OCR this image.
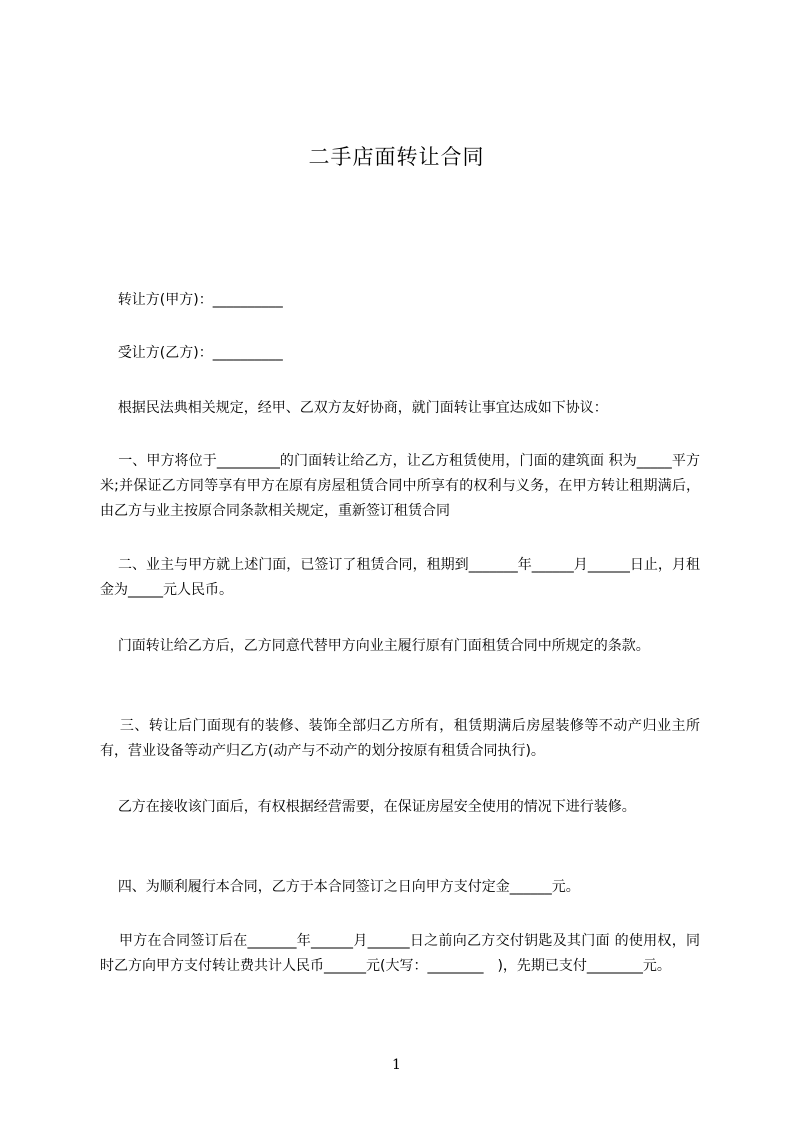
二手店面转让合同
转让方(甲方)：__________
受让方(乙方)：__________
根据民法典相关规定，经甲、乙双方友好协商，就门面转让事宜达成如下协议：
一、甲方将位于_________的门面转让给乙方，让乙方租赁使用，门面的建筑面 积为_____平方米;并保证乙方同等享有甲方在原有房屋租赁合同中所享有的权利与义务，在甲方转让租期满后，由乙方与业主按原合同条款相关规定，重新签订租赁合同
二、业主与甲方就上述门面，已签订了租赁合同，租期到_______年______月______日止，月租金为_____元人民币。
门面转让给乙方后，乙方同意代替甲方向业主履行原有门面租赁合同中所规定的条款。
三、转让后门面现有的装修、装饰全部归乙方所有，租赁期满后房屋装修等不动产归业主所有，营业设备等动产归乙方(动产与不动产的划分按原有租赁合同执行)。
乙方在接收该门面后，有权根据经营需要，在保证房屋安全使用的情况下进行装修。
四、为顺利履行本合同，乙方于本合同签订之日向甲方支付定金______元。
甲方在合同签订后在_______年______月______日之前向乙方交付钥匙及其门面 的使用权，同时乙方向甲方支付转让费共计人民币______元(大写：________　)，先期已支付________元。
1
